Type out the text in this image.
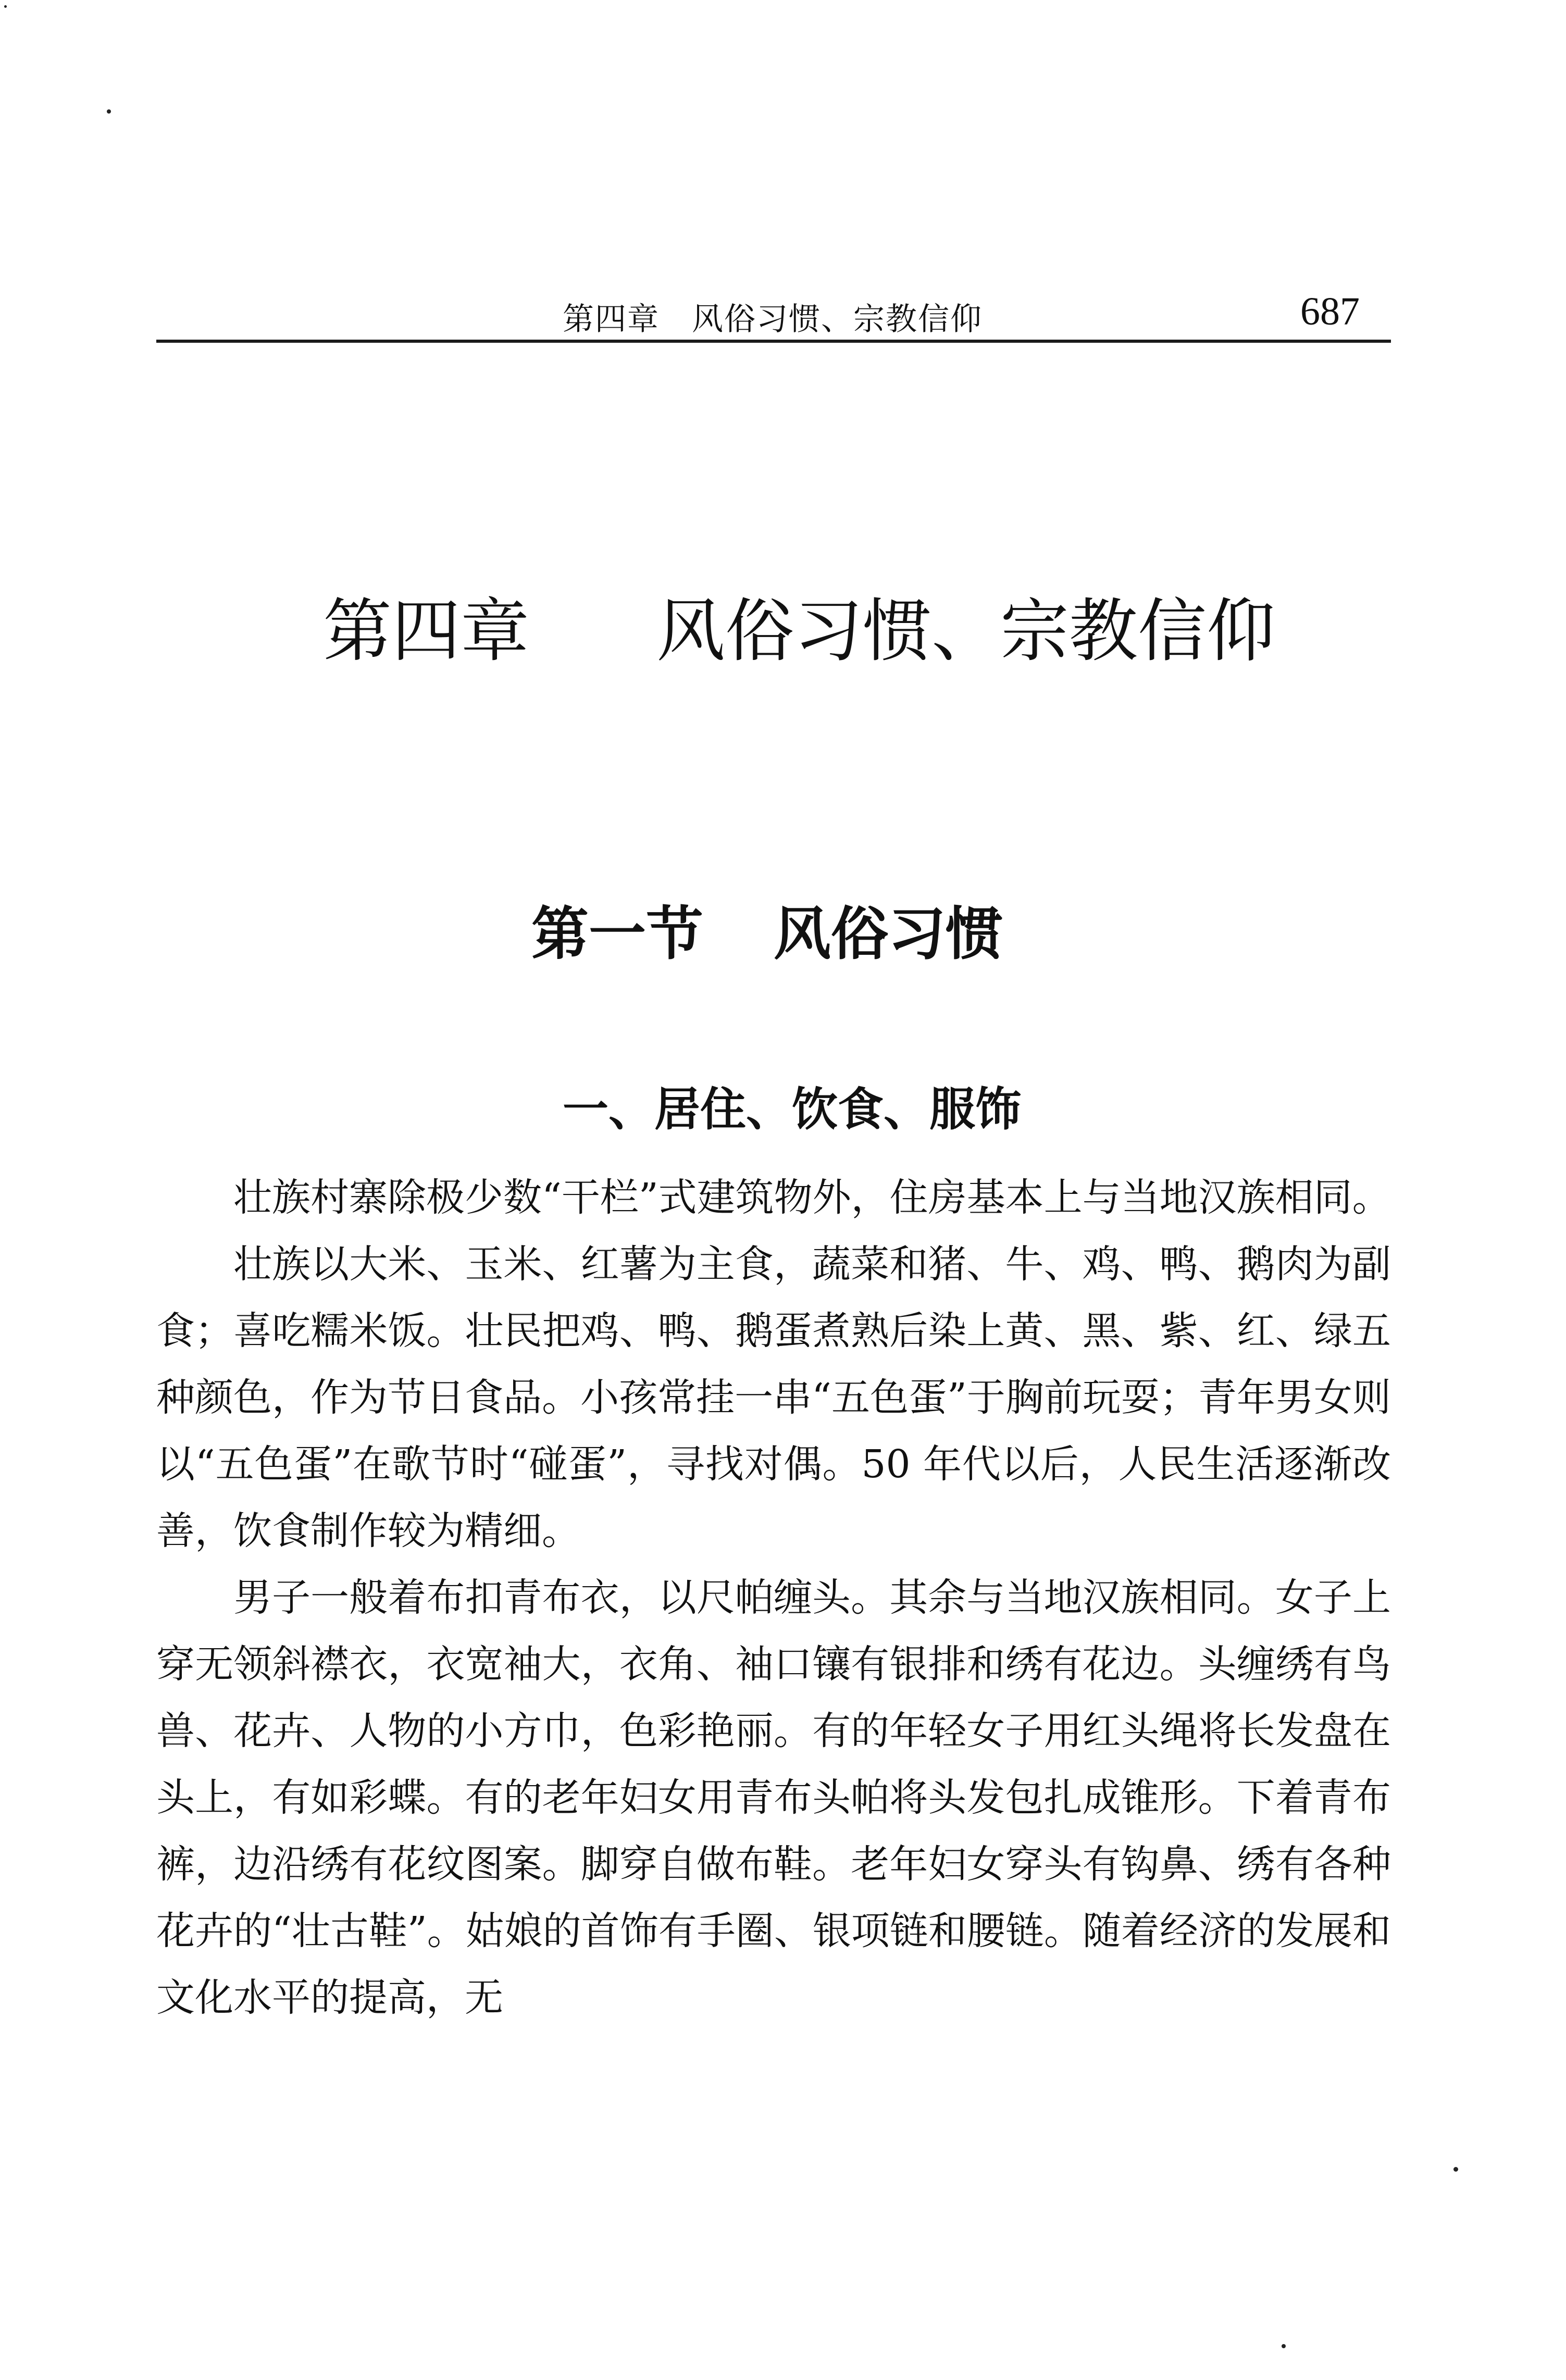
第四章　风俗习惯、宗教信仰	687
第四章 风俗习惯、宗教信仰
第一节 风俗习惯
一、居住、饮食、服饰

壮族村寨除极少数“干栏”式建筑物外，住房基本上与当地汉族相同。

壮族以大米、玉米、红薯为主食，蔬菜和猪、牛、鸡、鸭、鹅肉为副食；喜吃糯米饭。壮民把鸡、鸭、鹅蛋煮熟后染上黄、黑、紫、红、绿五种颜色，作为节日食品。小孩常挂一串“五色蛋”于胸前玩耍；青年男女则以“五色蛋”在歌节时“碰蛋”，寻找对偶。50 年代以后，人民生活逐渐改善，饮食制作较为精细。

男子一般着布扣青布衣，以尺帕缠头。其余与当地汉族相同。女子上穿无领斜襟衣，衣宽袖大，衣角、袖口镶有银排和绣有花边。头缠绣有鸟兽、花卉、人物的小方巾，色彩艳丽。有的年轻女子用红头绳将长发盘在头上，有如彩蝶。有的老年妇女用青布头帕将头发包扎成锥形。下着青布裤，边沿绣有花纹图案。脚穿自做布鞋。老年妇女穿头有钩鼻、绣有各种花卉的“壮古鞋”。姑娘的首饰有手圈、银项链和腰链。随着经济的发展和文化水平的提高，无
